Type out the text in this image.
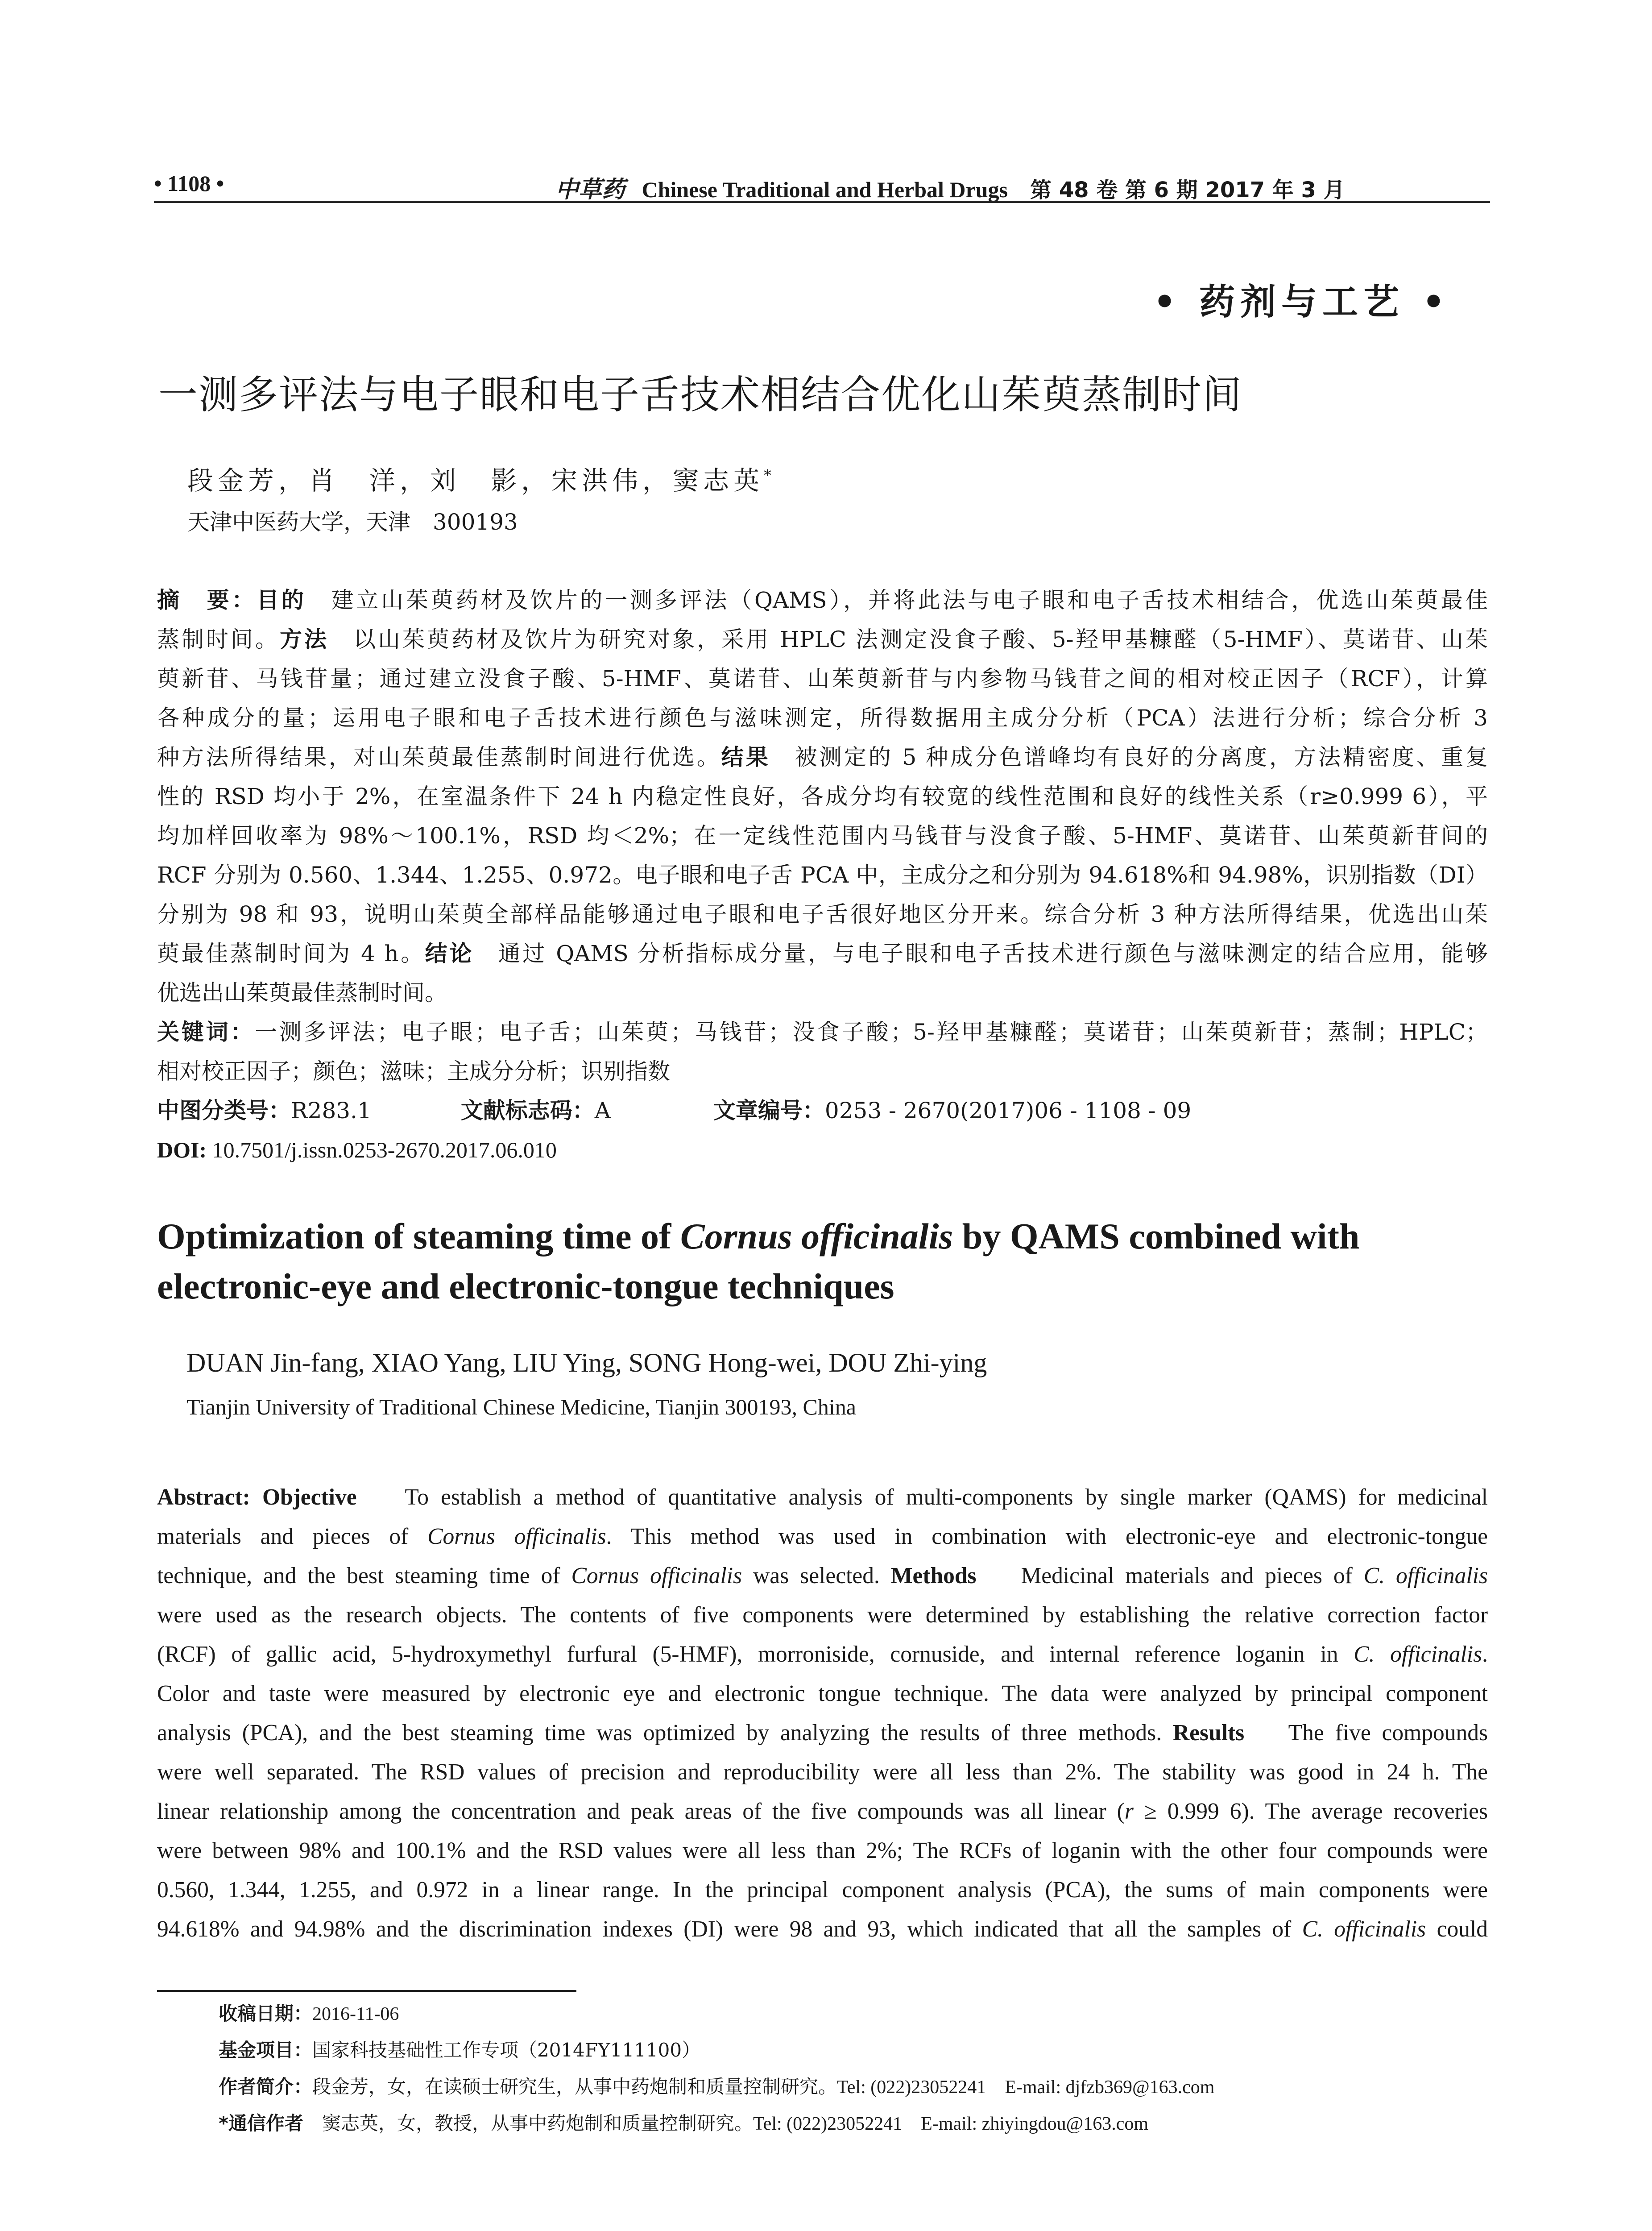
• 1108 •	中草药 Chinese Traditional and Herbal Drugs 第 48 卷 第 6 期 2017 年 3 月
• 药剂与工艺 •
一测多评法与电子眼和电子舌技术相结合优化山茱萸蒸制时间
段金芳，肖　洋，刘　影，宋洪伟，窦志英*
天津中医药大学，天津　300193
摘　要：目的　建立山茱萸药材及饮片的一测多评法（QAMS），并将此法与电子眼和电子舌技术相结合，优选山茱萸最佳
蒸制时间。方法　以山茱萸药材及饮片为研究对象，采用 HPLC 法测定没食子酸、5-羟甲基糠醛（5-HMF）、莫诺苷、山茱
萸新苷、马钱苷量；通过建立没食子酸、5-HMF、莫诺苷、山茱萸新苷与内参物马钱苷之间的相对校正因子（RCF），计算
各种成分的量；运用电子眼和电子舌技术进行颜色与滋味测定，所得数据用主成分分析（PCA）法进行分析；综合分析 3
种方法所得结果，对山茱萸最佳蒸制时间进行优选。结果　被测定的 5 种成分色谱峰均有良好的分离度，方法精密度、重复
性的 RSD 均小于 2%，在室温条件下 24 h 内稳定性良好，各成分均有较宽的线性范围和良好的线性关系（r≥0.999 6），平
均加样回收率为 98%～100.1%，RSD 均＜2%；在一定线性范围内马钱苷与没食子酸、5-HMF、莫诺苷、山茱萸新苷间的
RCF 分别为 0.560、1.344、1.255、0.972。电子眼和电子舌 PCA 中，主成分之和分别为 94.618%和 94.98%，识别指数（DI）
分别为 98 和 93，说明山茱萸全部样品能够通过电子眼和电子舌很好地区分开来。综合分析 3 种方法所得结果，优选出山茱
萸最佳蒸制时间为 4 h。结论　通过 QAMS 分析指标成分量，与电子眼和电子舌技术进行颜色与滋味测定的结合应用，能够
优选出山茱萸最佳蒸制时间。
关键词：一测多评法；电子眼；电子舌；山茱萸；马钱苷；没食子酸；5-羟甲基糠醛；莫诺苷；山茱萸新苷；蒸制；HPLC；
相对校正因子；颜色；滋味；主成分分析；识别指数
中图分类号：R283.1	文献标志码：A	文章编号：0253 - 2670(2017)06 - 1108 - 09
DOI: 10.7501/j.issn.0253-2670.2017.06.010
Optimization of steaming time of Cornus officinalis by QAMS combined with
electronic-eye and electronic-tongue techniques
DUAN Jin-fang, XIAO Yang, LIU Ying, SONG Hong-wei, DOU Zhi-ying
Tianjin University of Traditional Chinese Medicine, Tianjin 300193, China
Abstract: Objective    To establish a method of quantitative analysis of multi-components by single marker (QAMS) for medicinal
materials and pieces of Cornus officinalis. This method was used in combination with electronic-eye and electronic-tongue
technique, and the best steaming time of Cornus officinalis was selected. Methods    Medicinal materials and pieces of C. officinalis
were used as the research objects. The contents of five components were determined by establishing the relative correction factor
(RCF) of gallic acid, 5-hydroxymethyl furfural (5-HMF), morroniside, cornuside, and internal reference loganin in C. officinalis.
Color and taste were measured by electronic eye and electronic tongue technique. The data were analyzed by principal component
analysis (PCA), and the best steaming time was optimized by analyzing the results of three methods. Results    The five compounds
were well separated. The RSD values of precision and reproducibility were all less than 2%. The stability was good in 24 h. The
linear relationship among the concentration and peak areas of the five compounds was all linear (r ≥ 0.999 6). The average recoveries
were between 98% and 100.1% and the RSD values were all less than 2%; The RCFs of loganin with the other four compounds were
0.560, 1.344, 1.255, and 0.972 in a linear range. In the principal component analysis (PCA), the sums of main components were
94.618% and 94.98% and the discrimination indexes (DI) were 98 and 93, which indicated that all the samples of C. officinalis could
收稿日期：2016-11-06
基金项目：国家科技基础性工作专项（2014FY111100）
作者简介：段金芳，女，在读硕士研究生，从事中药炮制和质量控制研究。Tel: (022)23052241    E-mail: djfzb369@163.com
*通信作者　窦志英，女，教授，从事中药炮制和质量控制研究。Tel: (022)23052241    E-mail: zhiyingdou@163.com
